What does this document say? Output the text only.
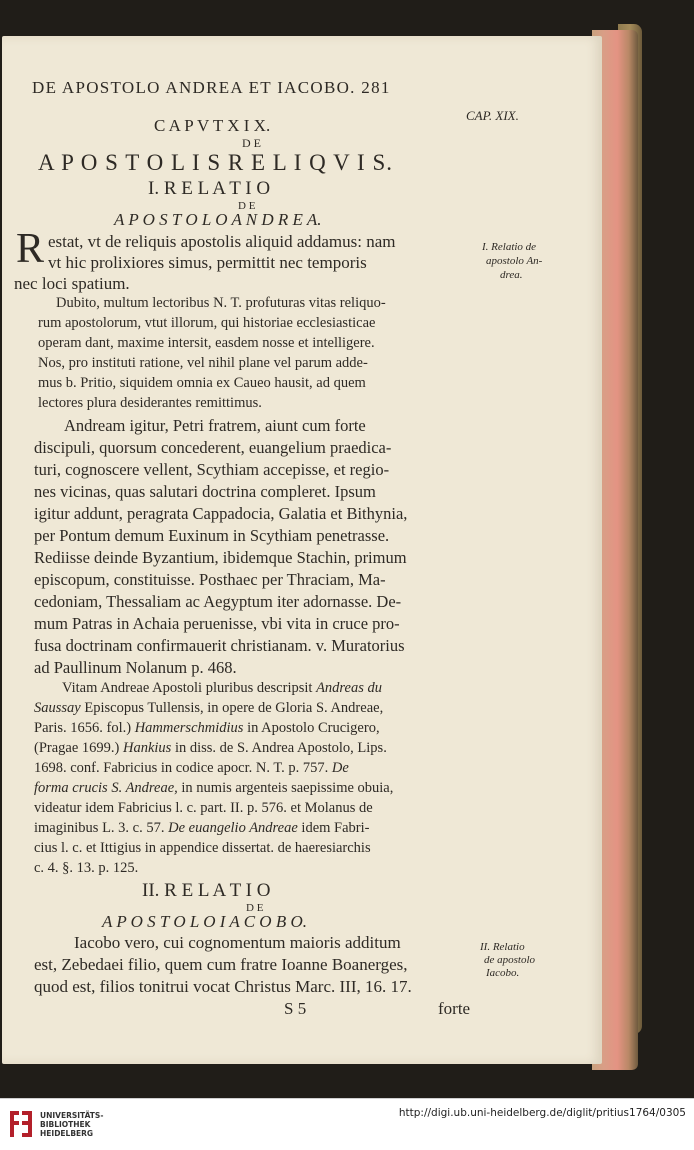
DE APOSTOLO ANDREA ET IACOBO. 281
CAP. XIX.
C A P V T X I X.
D E
A P O S T O L I S R E L I Q V I S.
I. R E L A T I O
D E
A P O S T O L O A N D R E A.
R estat, vt de reliquis apostolis aliquid addamus: nam
vt hic prolixiores simus, permittit nec temporis
nec loci spatium.
I. Relatio de
apostolo An-
drea.
Dubito, multum lectoribus N. T. profuturas vitas reliquo-
rum apostolorum, vtut illorum, qui historiae ecclesiasticae
operam dant, maxime intersit, easdem nosse et intelligere.
Nos, pro instituti ratione, vel nihil plane vel parum adde-
mus b. Pritio, siquidem omnia ex Caueo hausit, ad quem
lectores plura desiderantes remittimus.
Andream igitur, Petri fratrem, aiunt cum forte
discipuli, quorsum concederent, euangelium praedica-
turi, cognoscere vellent, Scythiam accepisse, et regio-
nes vicinas, quas salutari doctrina compleret. Ipsum
igitur addunt, peragrata Cappadocia, Galatia et Bithynia,
per Pontum demum Euxinum in Scythiam penetrasse.
Rediisse deinde Byzantium, ibidemque Stachin, primum
episcopum, constituisse. Posthaec per Thraciam, Ma-
cedoniam, Thessaliam ac Aegyptum iter adornasse. De-
mum Patras in Achaia peruenisse, vbi vita in cruce pro-
fusa doctrinam confirmauerit christianam. v. Muratorius
ad Paullinum Nolanum p. 468.
Vitam Andreae Apostoli pluribus descripsit Andreas du
Saussay Episcopus Tullensis, in opere de Gloria S. Andreae,
Paris. 1656. fol.) Hammerschmidius in Apostolo Crucigero,
(Pragae 1699.) Hankius in diss. de S. Andrea Apostolo, Lips.
1698. conf. Fabricius in codice apocr. N. T. p. 757. De
forma crucis S. Andreae, in numis argenteis saepissime obuia,
videatur idem Fabricius l. c. part. II. p. 576. et Molanus de
imaginibus L. 3. c. 57. De euangelio Andreae idem Fabri-
cius l. c. et Ittigius in appendice dissertat. de haeresiarchis
c. 4. §. 13. p. 125.
II. R E L A T I O
D E
A P O S T O L O I A C O B O.
Iacobo vero, cui cognomentum maioris additum
est, Zebedaei filio, quem cum fratre Ioanne Boanerges,
quod est, filios tonitrui vocat Christus Marc. III, 16. 17.
II. Relatio
de apostolo
Iacobo.
S 5	forte
UNIVERSITÄTS-
BIBLIOTHEK
HEIDELBERG
http://digi.ub.uni-heidelberg.de/diglit/pritius1764/0305
